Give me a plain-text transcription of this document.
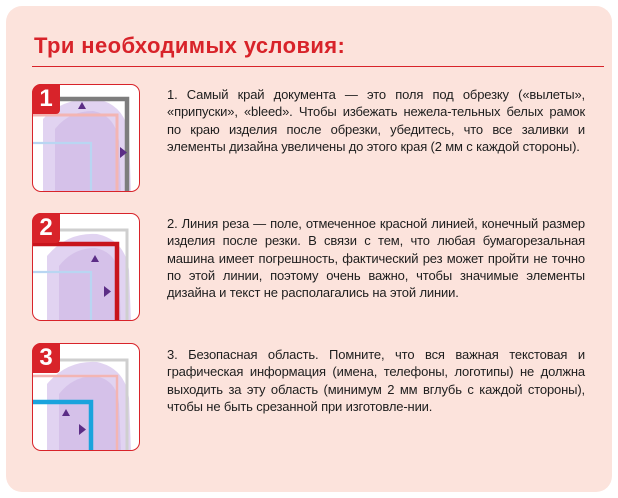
Три необходимых условия:
1	1. Самый край документа — это поля под обрезку («вылеты», «припуски», «bleed». Чтобы избежать нежела-тельных белых рамок по краю изделия после обрезки, убедитесь, что все заливки и элементы дизайна увеличены до этого края (2 мм с каждой стороны).

2	2. Линия реза — поле, отмеченное красной линией, конечный размер изделия после резки. В связи с тем, что любая бумагорезальная машина имеет погрешность, фактический рез может пройти не точно по этой линии, поэтому очень важно, чтобы значимые элементы дизайна и текст не располагались на этой линии.

3	3. Безопасная область. Помните, что вся важная текстовая и графическая информация (имена, телефоны, логотипы) не должна выходить за эту область (минимум 2 мм вглубь с каждой стороны), чтобы не быть срезанной при изготовле-нии.
